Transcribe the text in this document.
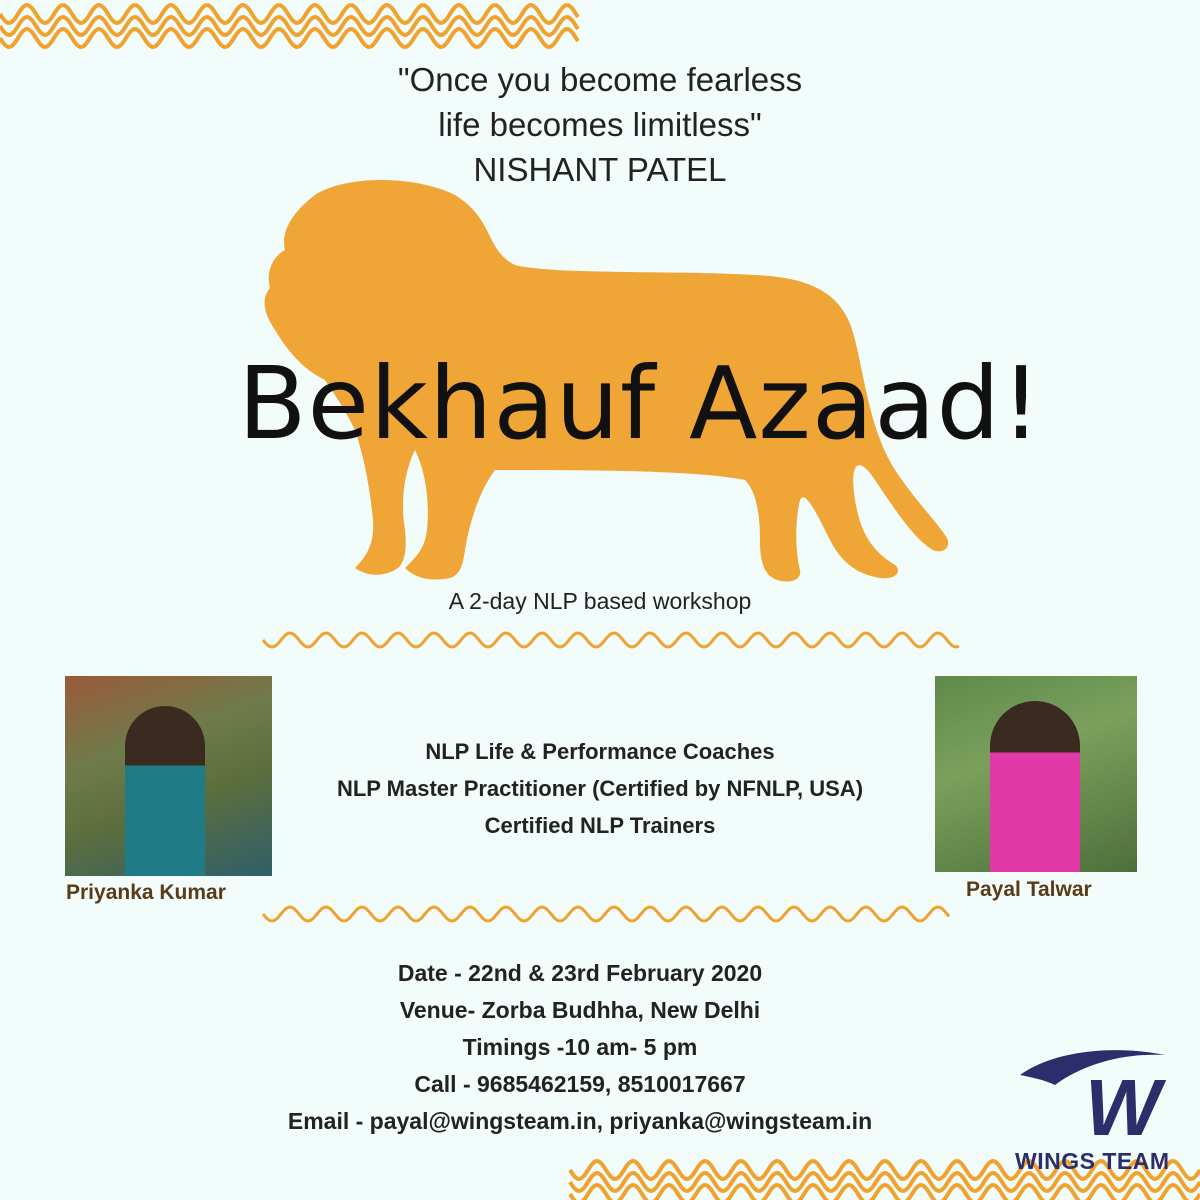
"Once you become fearless
life becomes limitless"
NISHANT PATEL
Bekhauf Azaad!
A 2-day NLP based workshop
Priyanka Kumar	Payal Talwar
NLP Life & Performance Coaches
NLP Master Practitioner (Certified by NFNLP, USA)
Certified NLP Trainers
Date - 22nd & 23rd February 2020
Venue- Zorba Budhha, New Delhi
Timings -10 am- 5 pm
Call - 9685462159, 8510017667
Email - payal@wingsteam.in, priyanka@wingsteam.in	W
WINGS TEAM
